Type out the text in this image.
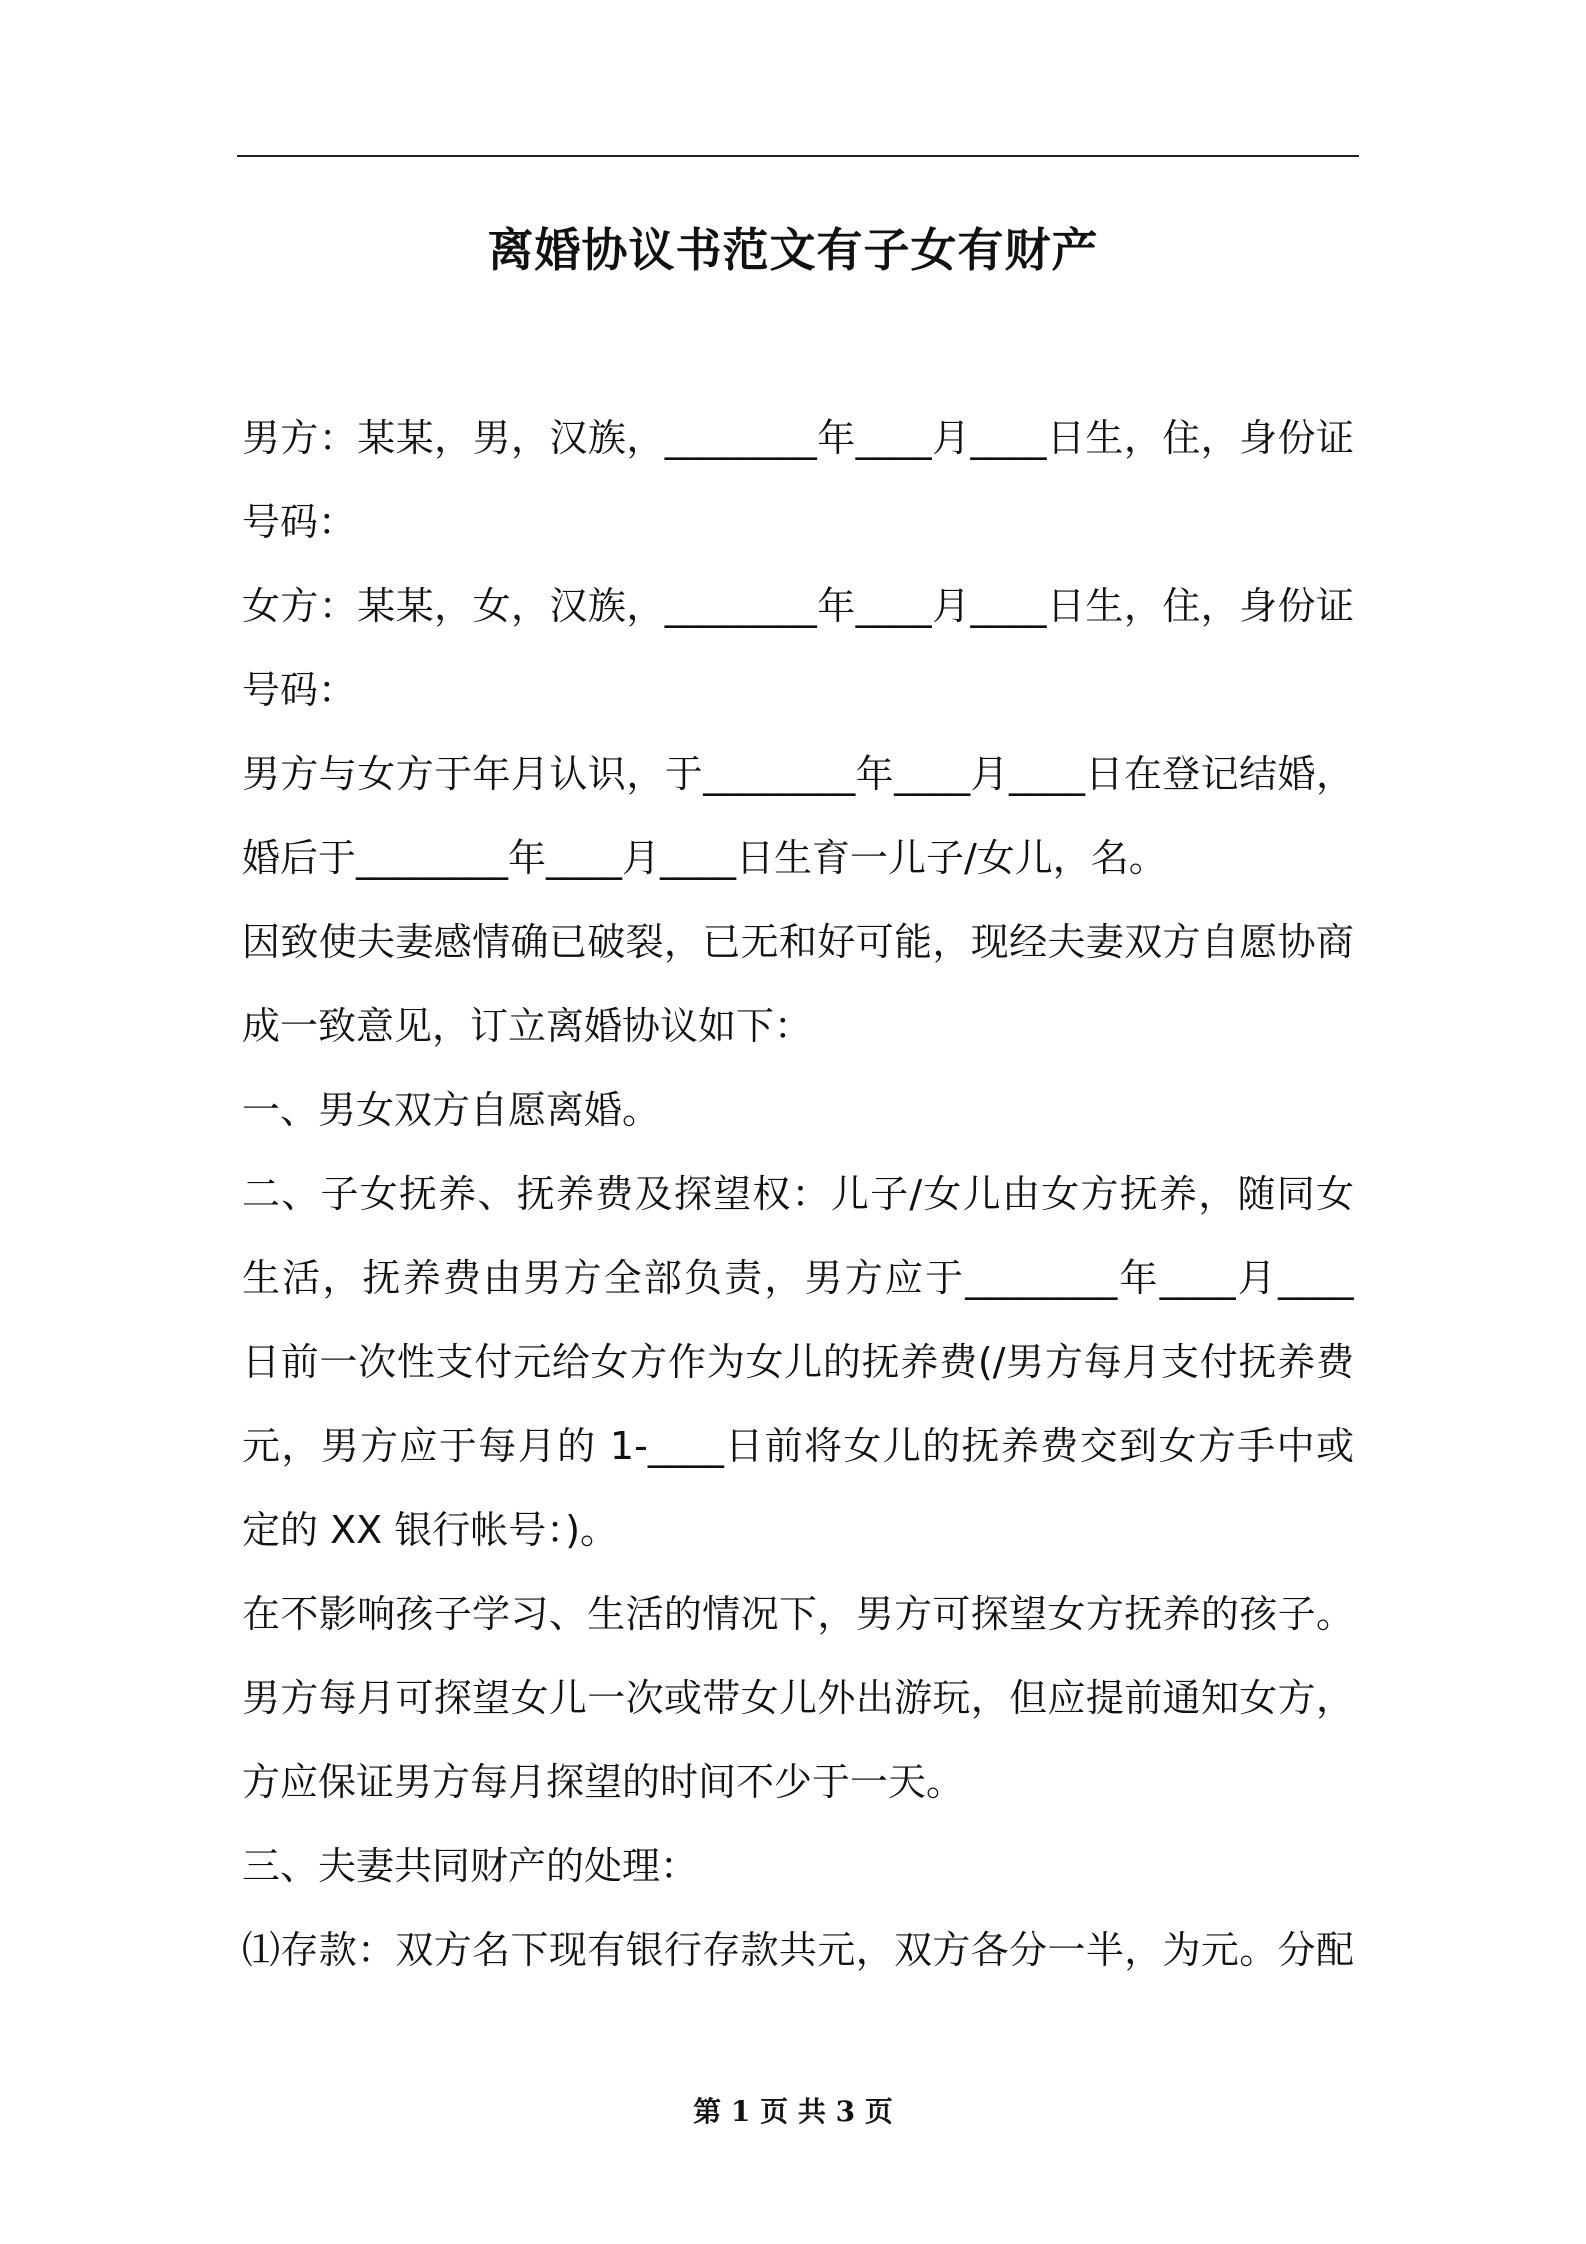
离婚协议书范文有子女有财产
男方：某某，男，汉族，________年____月____日生，住，身份证
号码：
女方：某某，女，汉族，________年____月____日生，住，身份证
号码：
男方与女方于年月认识，于________年____月____日在登记结婚，
婚后于________年____月____日生育一儿子/女儿，名。
因致使夫妻感情确已破裂，已无和好可能，现经夫妻双方自愿协商
成一致意见，订立离婚协议如下：
一、男女双方自愿离婚。
二、子女抚养、抚养费及探望权：儿子/女儿由女方抚养，随同女
生活，抚养费由男方全部负责，男方应于________年____月____
日前一次性支付元给女方作为女儿的抚养费(/男方每月支付抚养费
元，男方应于每月的 1-____日前将女儿的抚养费交到女方手中或
定的 XX 银行帐号：)。
在不影响孩子学习、生活的情况下，男方可探望女方抚养的孩子。
男方每月可探望女儿一次或带女儿外出游玩，但应提前通知女方，
方应保证男方每月探望的时间不少于一天。
三、夫妻共同财产的处理：
⑴存款：双方名下现有银行存款共元，双方各分一半，为元。分配
第 1 页 共 3 页
